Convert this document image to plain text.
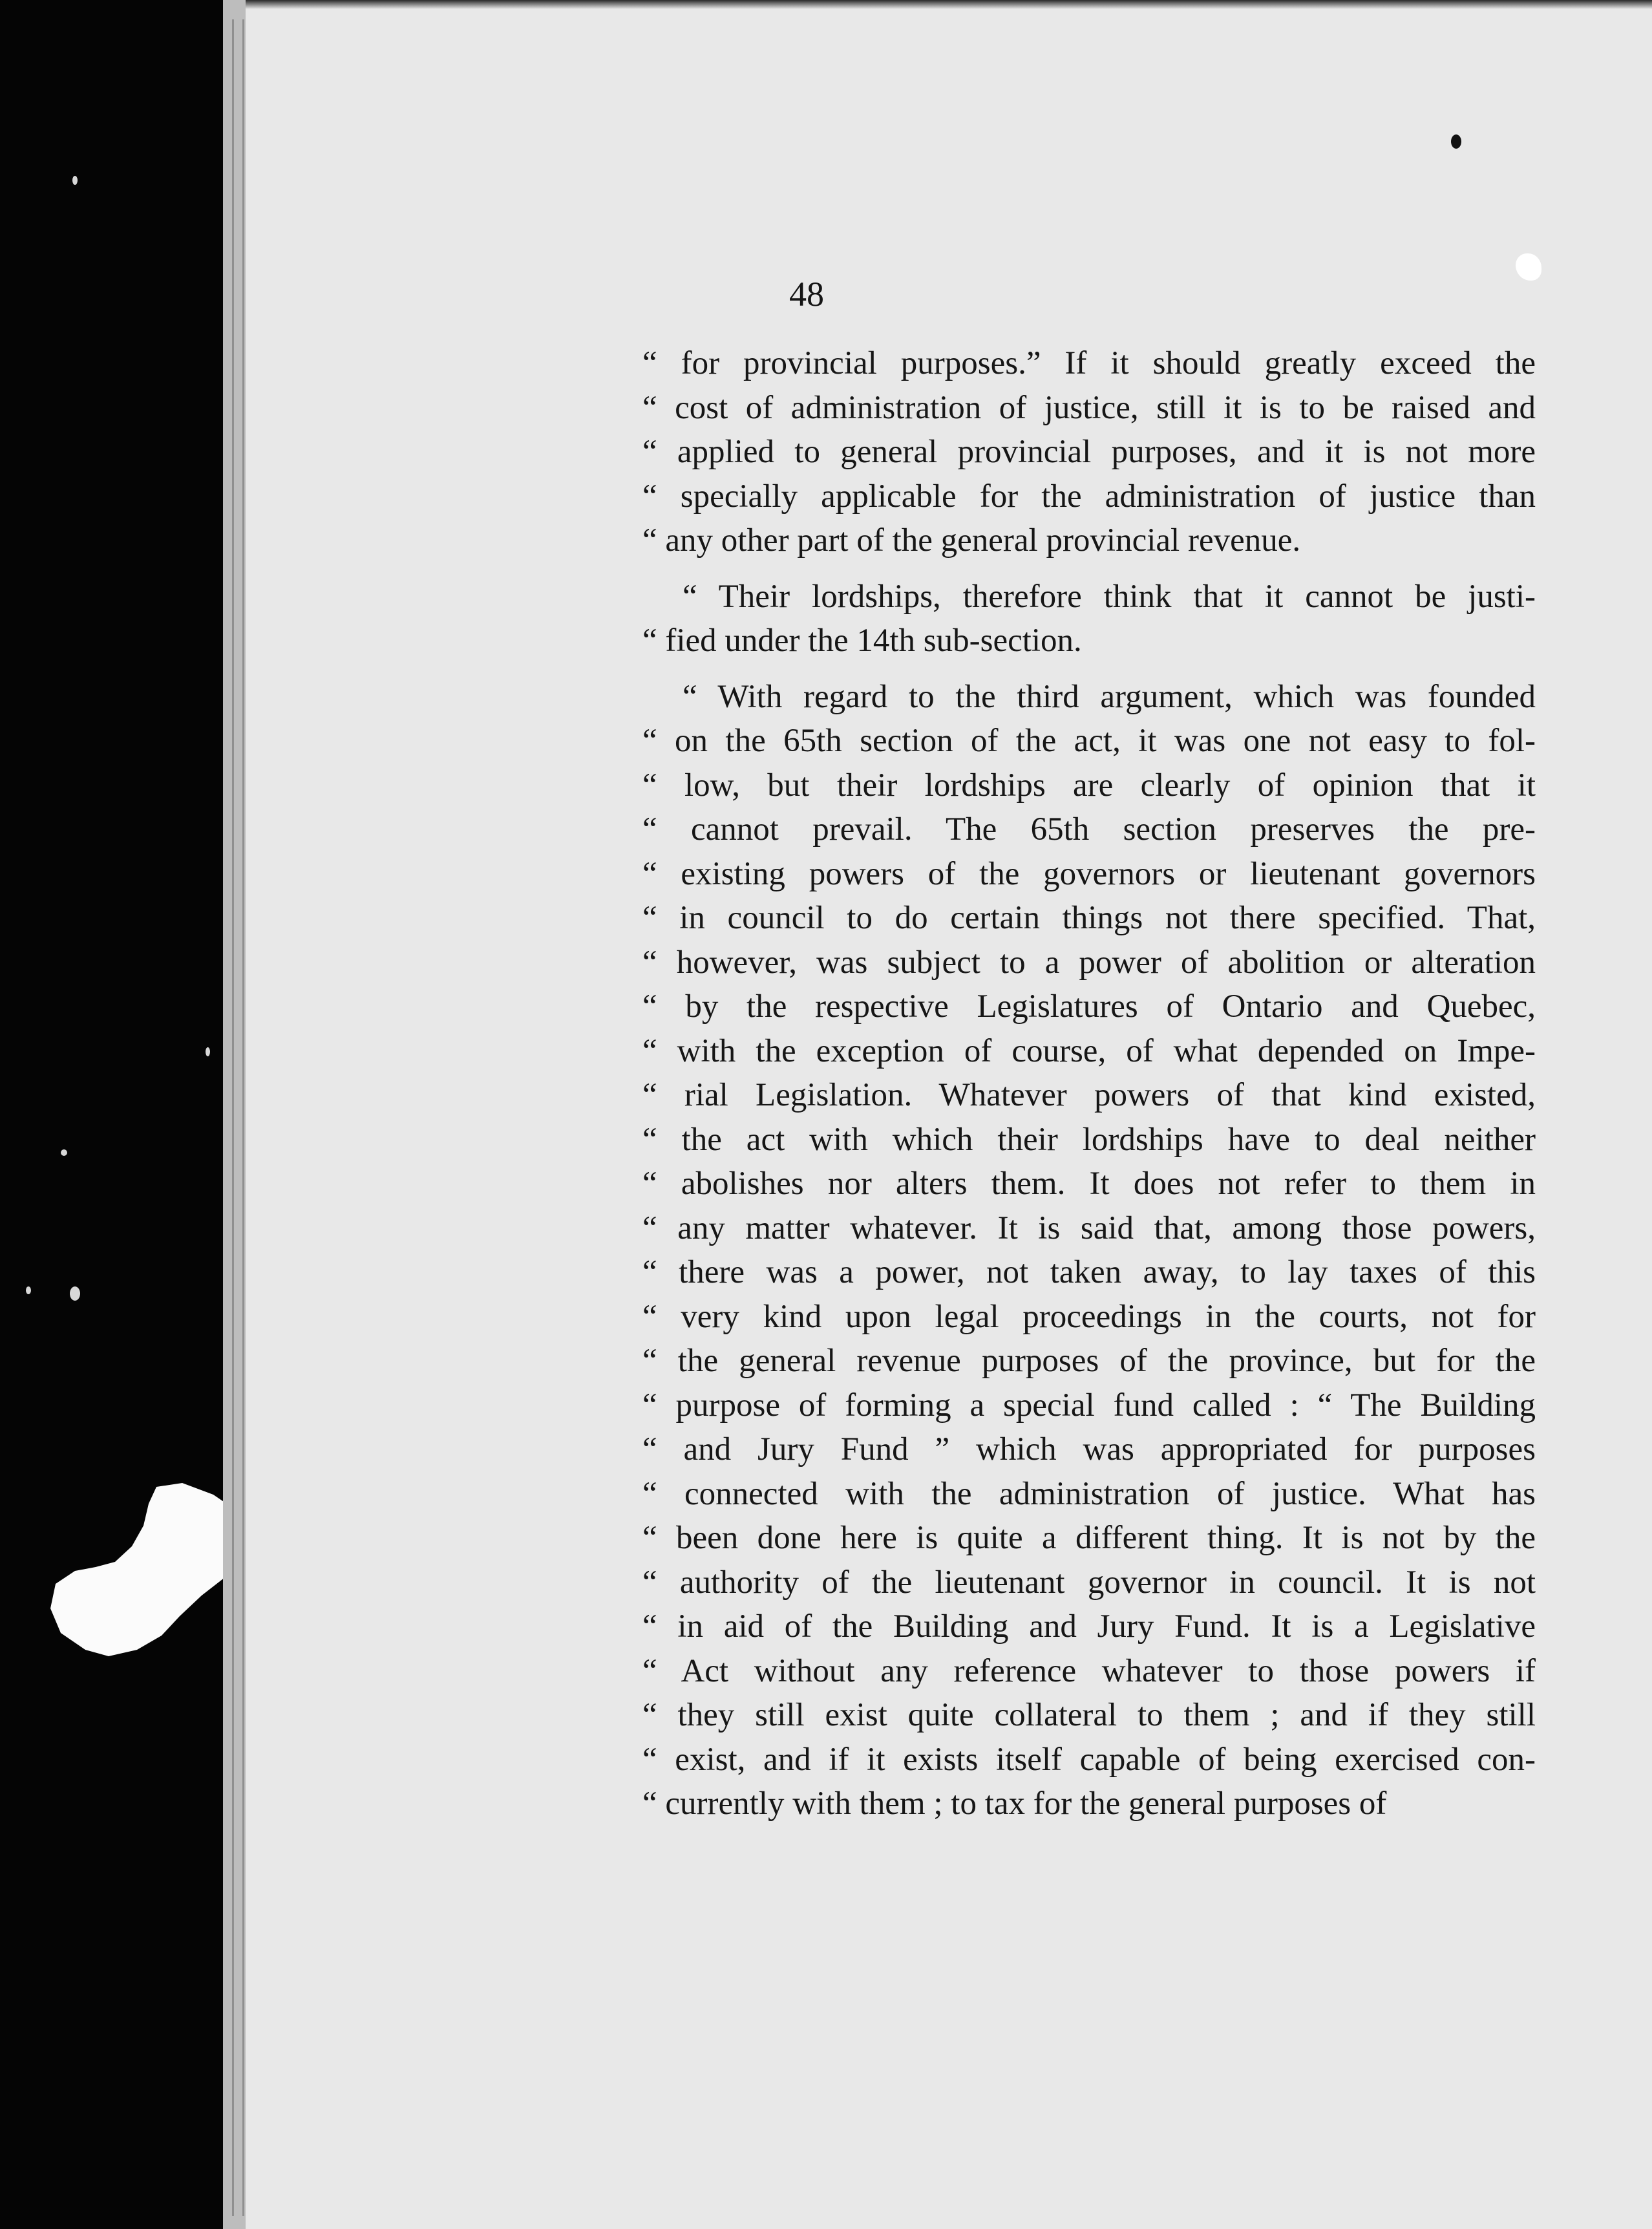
48
“ for provincial purposes.” If it should greatly exceed the
“ cost of administration of justice, still it is to be raised and
“ applied to general provincial purposes, and it is not more
“ specially applicable for the administration of justice than
“ any other part of the general provincial revenue.
“ Their lordships, therefore think that it cannot be justi-
“ fied under the 14th sub-section.
“ With regard to the third argument, which was founded
“ on the 65th section of the act, it was one not easy to fol-
“ low, but their lordships are clearly of opinion that it
“ cannot prevail. The 65th section preserves the pre-
“ existing powers of the governors or lieutenant governors
“ in council to do certain things not there specified. That,
“ however, was subject to a power of abolition or alteration
“ by the respective Legislatures of Ontario and Quebec,
“ with the exception of course, of what depended on Impe-
“ rial Legislation. Whatever powers of that kind existed,
“ the act with which their lordships have to deal neither
“ abolishes nor alters them. It does not refer to them in
“ any matter whatever. It is said that, among those powers,
“ there was a power, not taken away, to lay taxes of this
“ very kind upon legal proceedings in the courts, not for
“ the general revenue purposes of the province, but for the
“ purpose of forming a special fund called : “ The Building
“ and Jury Fund ” which was appropriated for purposes
“ connected with the administration of justice. What has
“ been done here is quite a different thing. It is not by the
“ authority of the lieutenant governor in council. It is not
“ in aid of the Building and Jury Fund. It is a Legislative
“ Act without any reference whatever to those powers if
“ they still exist quite collateral to them ; and if they still
“ exist, and if it exists itself capable of being exercised con-
“ currently with them ; to tax for the general purposes of
